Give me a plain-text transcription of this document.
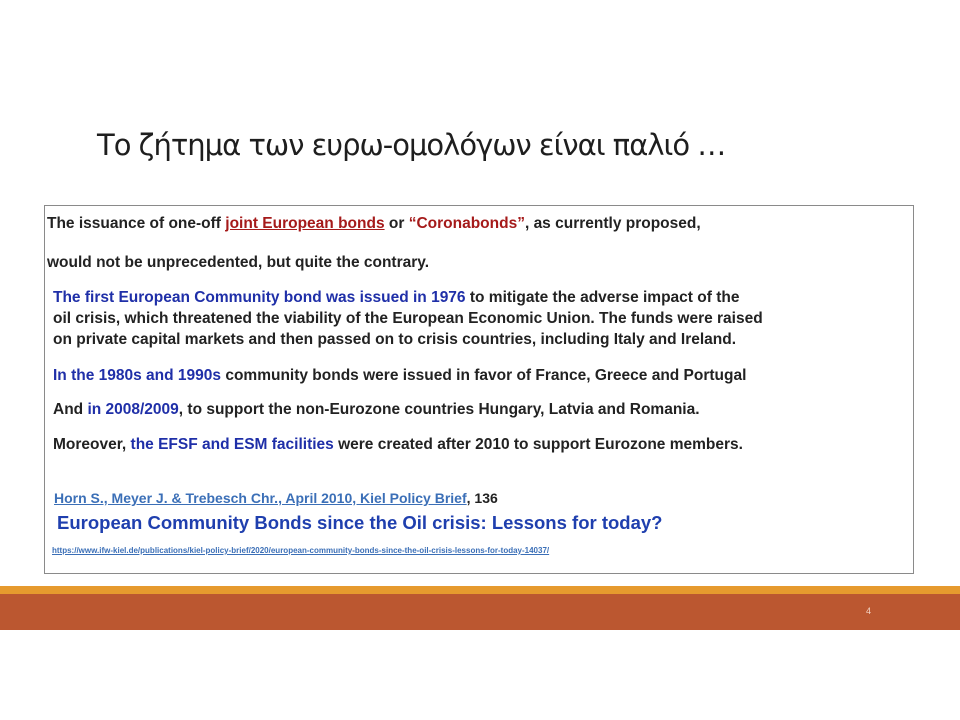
Το ζήτημα των ευρω-ομολόγων είναι παλιό …
The issuance of one-off joint European bonds or “Coronabonds”, as currently proposed,
would not be unprecedented, but quite the contrary.
The first European Community bond was issued in 1976 to mitigate the adverse impact of the
oil crisis, which threatened the viability of the European Economic Union. The funds were raised
on private capital markets and then passed on to crisis countries, including Italy and Ireland.
In the 1980s and 1990s community bonds were issued in favor of France, Greece and Portugal
And in 2008/2009, to support the non-Eurozone countries Hungary, Latvia and Romania.
Moreover, the EFSF and ESM facilities were created after 2010 to support Eurozone members.
Horn S., Meyer J. & Trebesch Chr., April 2010, Kiel Policy Brief, 136
European Community Bonds since the Oil crisis: Lessons for today?
https://www.ifw-kiel.de/publications/kiel-policy-brief/2020/european-community-bonds-since-the-oil-crisis-lessons-for-today-14037/
4
